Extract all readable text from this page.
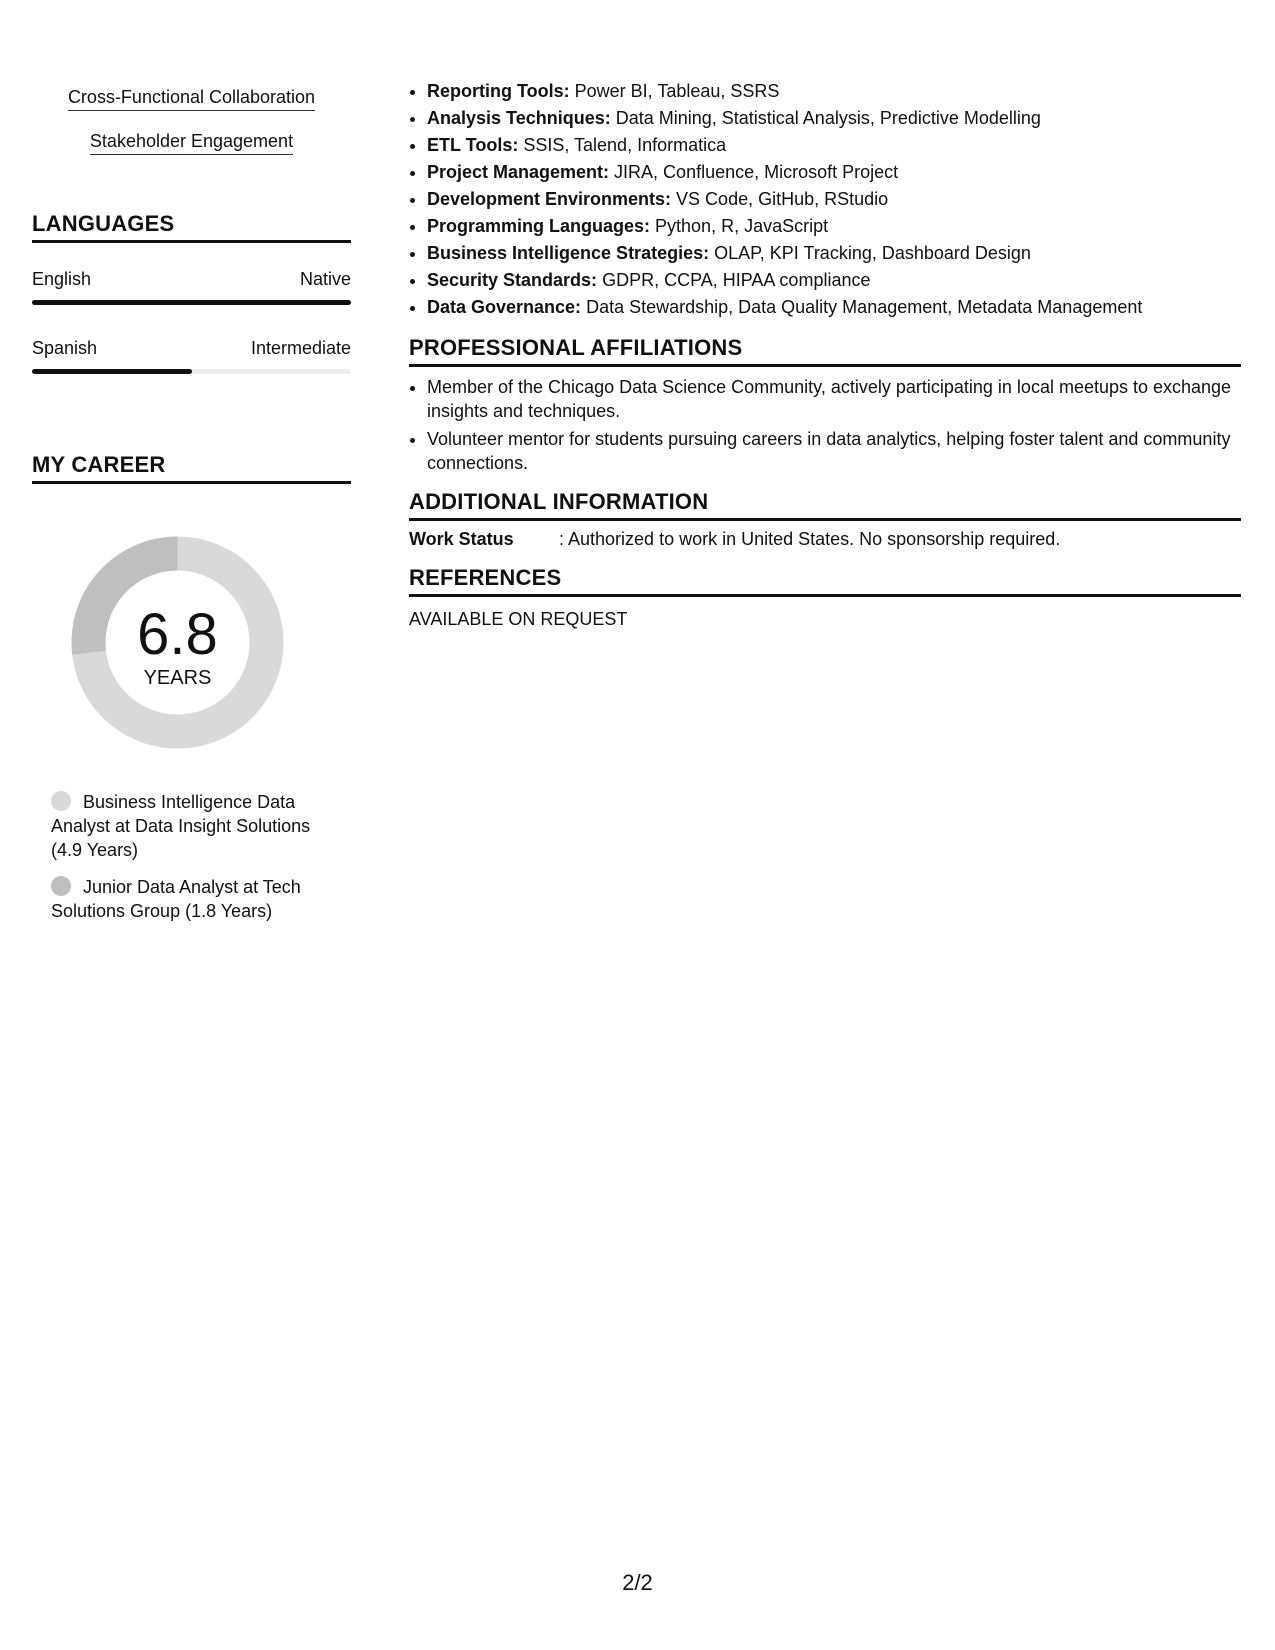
Cross-Functional Collaboration
Stakeholder Engagement
LANGUAGES
English	Native
Spanish	Intermediate
MY CAREER
6.8
YEARS
Business Intelligence Data Analyst at Data Insight Solutions (4.9 Years)
Junior Data Analyst at Tech Solutions Group (1.8 Years)
• Reporting Tools: Power BI, Tableau, SSRS
• Analysis Techniques: Data Mining, Statistical Analysis, Predictive Modelling
• ETL Tools: SSIS, Talend, Informatica
• Project Management: JIRA, Confluence, Microsoft Project
• Development Environments: VS Code, GitHub, RStudio
• Programming Languages: Python, R, JavaScript
• Business Intelligence Strategies: OLAP, KPI Tracking, Dashboard Design
• Security Standards: GDPR, CCPA, HIPAA compliance
• Data Governance: Data Stewardship, Data Quality Management, Metadata Management
PROFESSIONAL AFFILIATIONS
• Member of the Chicago Data Science Community, actively participating in local meetups to exchange insights and techniques.
• Volunteer mentor for students pursuing careers in data analytics, helping foster talent and community connections.
ADDITIONAL INFORMATION
Work Status	: Authorized to work in United States. No sponsorship required.
REFERENCES
AVAILABLE ON REQUEST
2/2
